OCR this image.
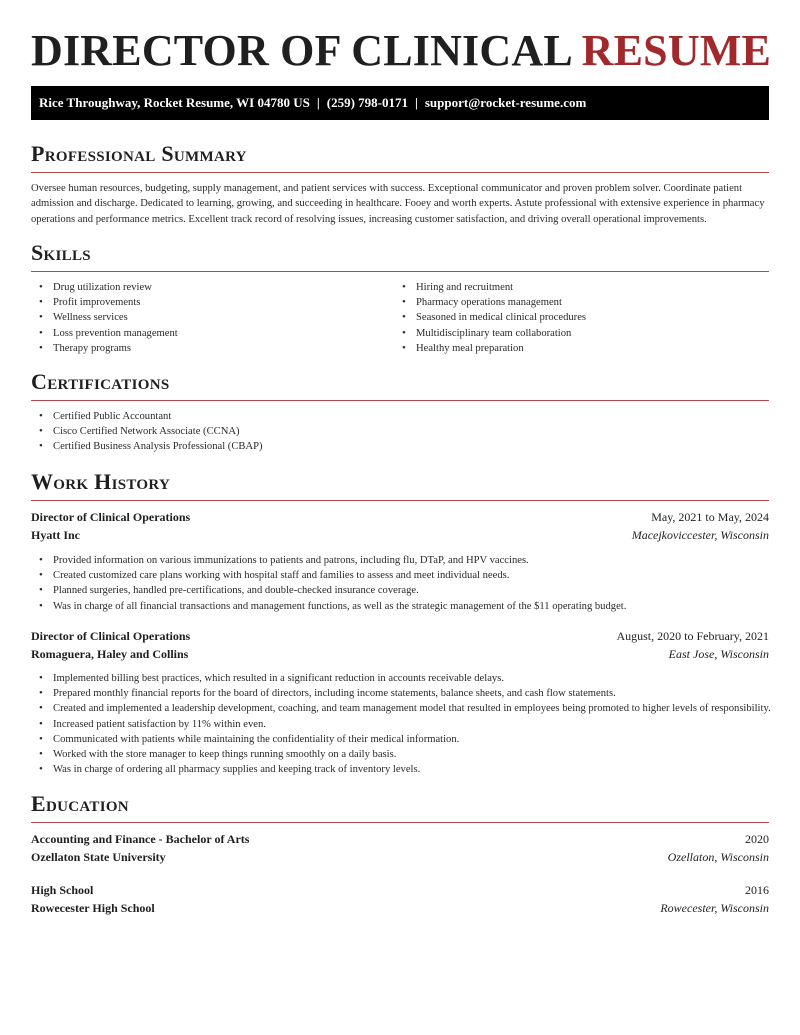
DIRECTOR OF CLINICAL RESUME
Rice Throughway, Rocket Resume, WI 04780 US | (259) 798-0171 | support@rocket-resume.com
Professional Summary

Oversee human resources, budgeting, supply management, and patient services with success. Exceptional communicator and proven problem solver. Coordinate patient admission and discharge. Dedicated to learning, growing, and succeeding in healthcare. Fooey and worth experts. Astute professional with extensive experience in pharmacy operations and performance metrics. Excellent track record of resolving issues, increasing customer satisfaction, and driving overall operational improvements.

Skills
• Drug utilization review
• Profit improvements
• Wellness services
• Loss prevention management
• Therapy programs
• Hiring and recruitment
• Pharmacy operations management
• Seasoned in medical clinical procedures
• Multidisciplinary team collaboration
• Healthy meal preparation
Certifications
• Certified Public Accountant
• Cisco Certified Network Associate (CCNA)
• Certified Business Analysis Professional (CBAP)
Work History
Director of Clinical Operations	May, 2021 to May, 2024
Hyatt Inc	Macejkoviccester, Wisconsin
• Provided information on various immunizations to patients and patrons, including flu, DTaP, and HPV vaccines.
• Created customized care plans working with hospital staff and families to assess and meet individual needs.
• Planned surgeries, handled pre-certifications, and double-checked insurance coverage.
• Was in charge of all financial transactions and management functions, as well as the strategic management of the $11 operating budget.
Director of Clinical Operations	August, 2020 to February, 2021
Romaguera, Haley and Collins	East Jose, Wisconsin
• Implemented billing best practices, which resulted in a significant reduction in accounts receivable delays.
• Prepared monthly financial reports for the board of directors, including income statements, balance sheets, and cash flow statements.
• Created and implemented a leadership development, coaching, and team management model that resulted in employees being promoted to higher levels of responsibility.
• Increased patient satisfaction by 11% within even.
• Communicated with patients while maintaining the confidentiality of their medical information.
• Worked with the store manager to keep things running smoothly on a daily basis.
• Was in charge of ordering all pharmacy supplies and keeping track of inventory levels.
Education
Accounting and Finance - Bachelor of Arts	2020
Ozellaton State University	Ozellaton, Wisconsin
High School	2016
Rowecester High School	Rowecester, Wisconsin
